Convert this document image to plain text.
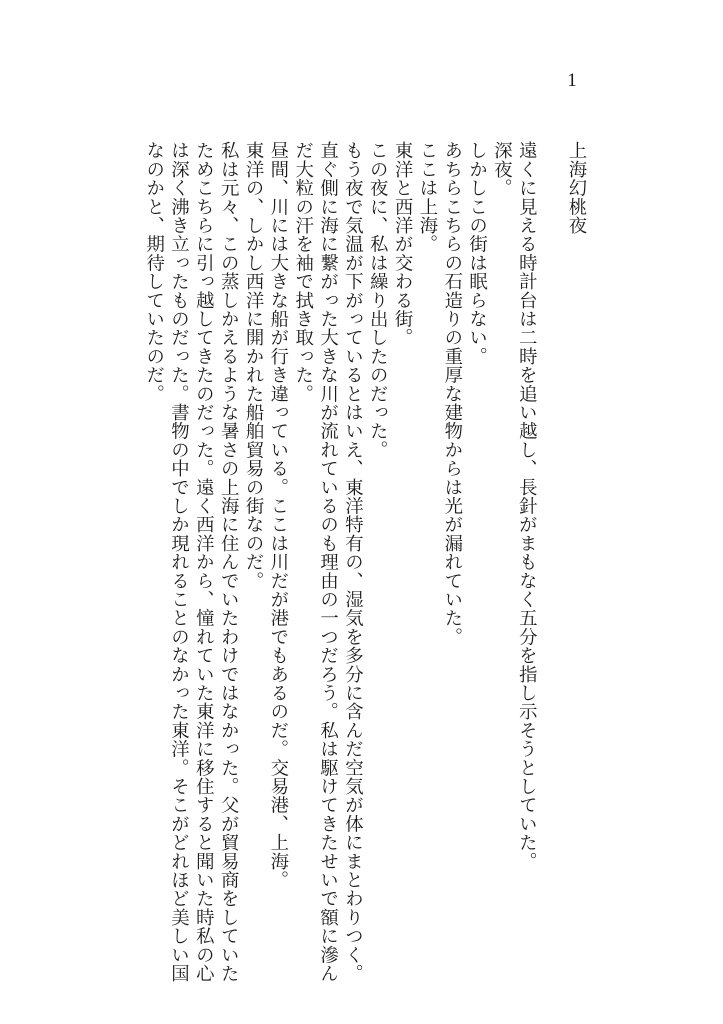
1
上海幻桃夜
遠くに見える時計台は二時を追い越し、長針がまもなく五分を指し示そうとしていた。
深夜。
しかしこの街は眠らない。
あちらこちらの石造りの重厚な建物からは光が漏れていた。
ここは上海。
東洋と西洋が交わる街。
この夜に、私は繰り出したのだった。
もう夜で気温が下がっているとはいえ、東洋特有の、湿気を多分に含んだ空気が体にまとわりつく。直ぐ側に海に繋がった大きな川が流れているのも理由の一つだろう。私は駆けてきたせいで額に滲んだ大粒の汗を袖で拭き取った。
昼間、川には大きな船が行き違っている。ここは川だが港でもあるのだ。交易港、上海。
東洋の、しかし西洋に開かれた船舶貿易の街なのだ。
私は元々、この蒸しかえるような暑さの上海に住んでいたわけではなかった。父が貿易商をしていたためこちらに引っ越してきたのだった。遠く西洋から、憧れていた東洋に移住すると聞いた時私の心は深く沸き立ったものだった。書物の中でしか現れることのなかった東洋。そこがどれほど美しい国なのかと、期待していたのだ。
